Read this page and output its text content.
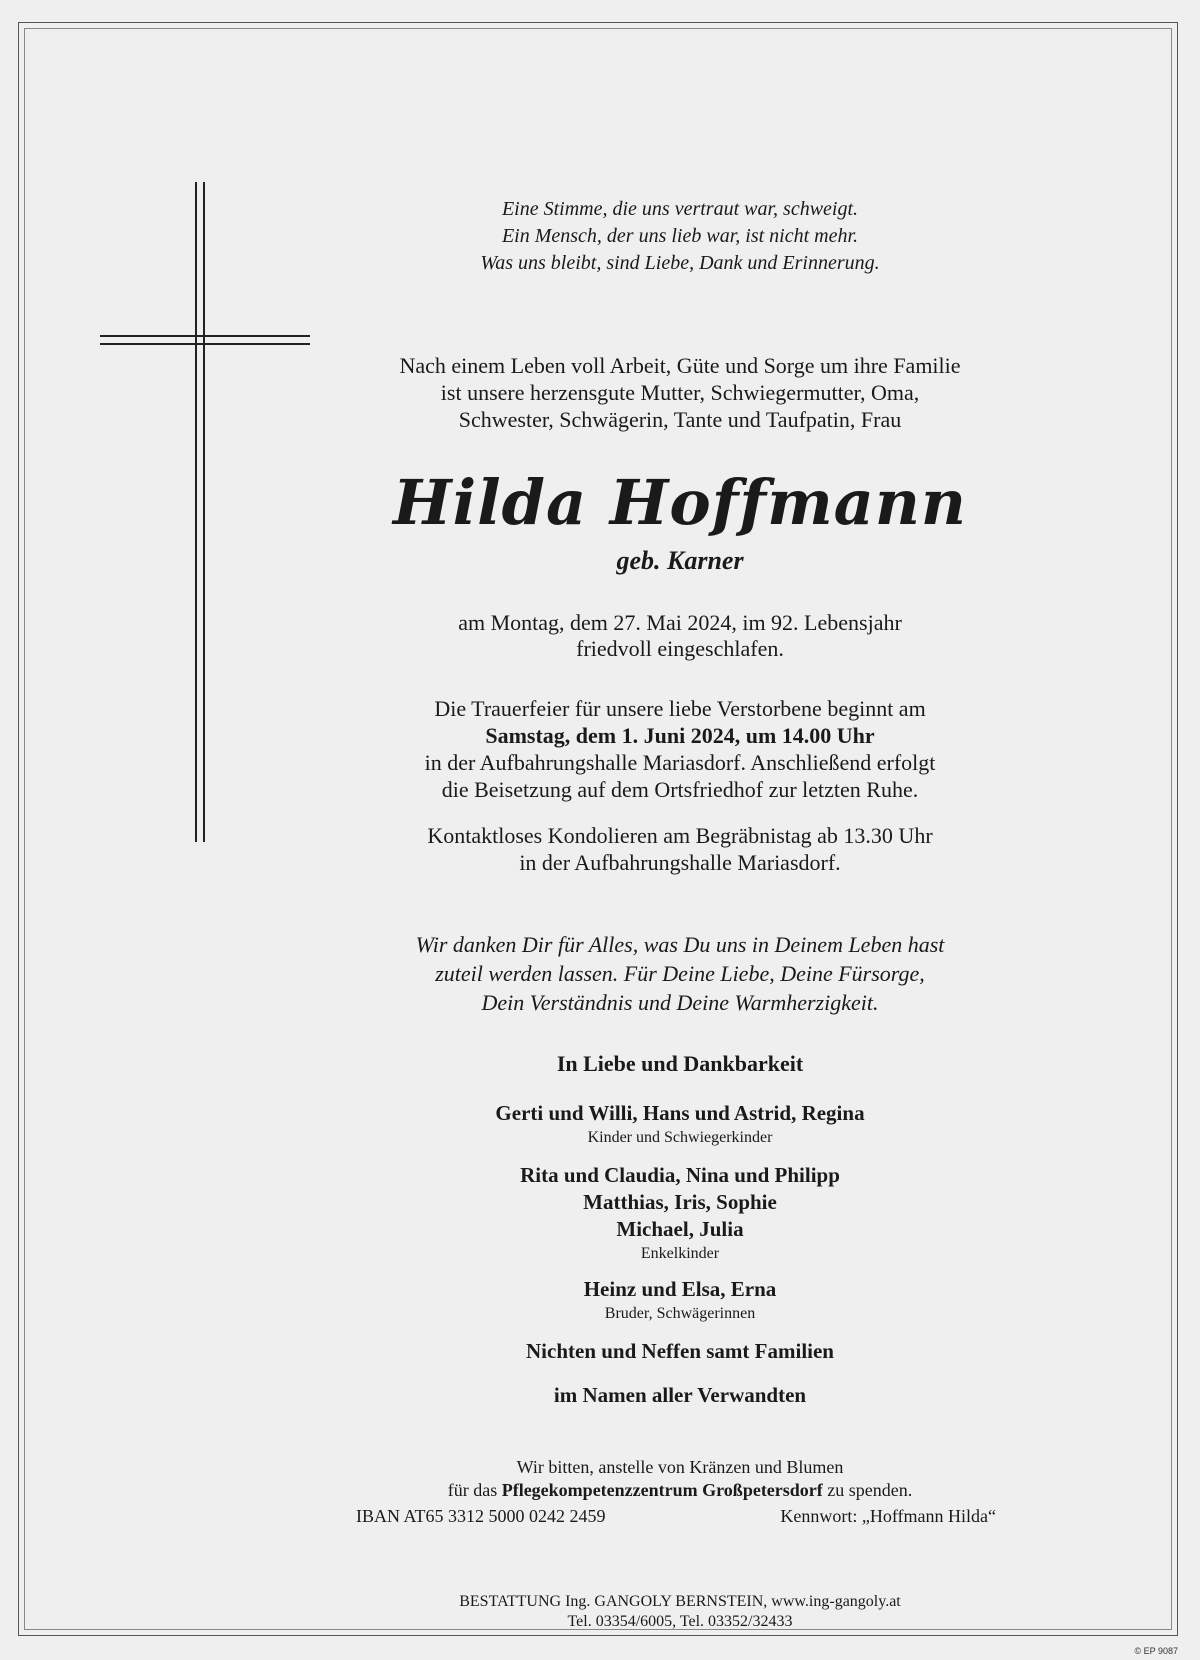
Eine Stimme, die uns vertraut war, schweigt.
Ein Mensch, der uns lieb war, ist nicht mehr.
Was uns bleibt, sind Liebe, Dank und Erinnerung.
Nach einem Leben voll Arbeit, Güte und Sorge um ihre Familie
ist unsere herzensgute Mutter, Schwiegermutter, Oma,
Schwester, Schwägerin, Tante und Taufpatin, Frau
Hilda Hoffmann
geb. Karner
am Montag, dem 27. Mai 2024, im 92. Lebensjahr
friedvoll eingeschlafen.
Die Trauerfeier für unsere liebe Verstorbene beginnt am
Samstag, dem 1. Juni 2024, um 14.00 Uhr
in der Aufbahrungshalle Mariasdorf. Anschließend erfolgt
die Beisetzung auf dem Ortsfriedhof zur letzten Ruhe.
Kontaktloses Kondolieren am Begräbnistag ab 13.30 Uhr
in der Aufbahrungshalle Mariasdorf.
Wir danken Dir für Alles, was Du uns in Deinem Leben hast
zuteil werden lassen. Für Deine Liebe, Deine Fürsorge,
Dein Verständnis und Deine Warmherzigkeit.
In Liebe und Dankbarkeit
Gerti und Willi, Hans und Astrid, Regina
Kinder und Schwiegerkinder
Rita und Claudia, Nina und Philipp
Matthias, Iris, Sophie
Michael, Julia
Enkelkinder
Heinz und Elsa, Erna
Bruder, Schwägerinnen
Nichten und Neffen samt Familien
im Namen aller Verwandten
Wir bitten, anstelle von Kränzen und Blumen
für das Pflegekompetenzzentrum Großpetersdorf zu spenden.
IBAN AT65 3312 5000 0242 2459	Kennwort: „Hoffmann Hilda“
BESTATTUNG Ing. GANGOLY BERNSTEIN, www.ing-gangoly.at
Tel. 03354/6005, Tel. 03352/32433
© EP 9087
